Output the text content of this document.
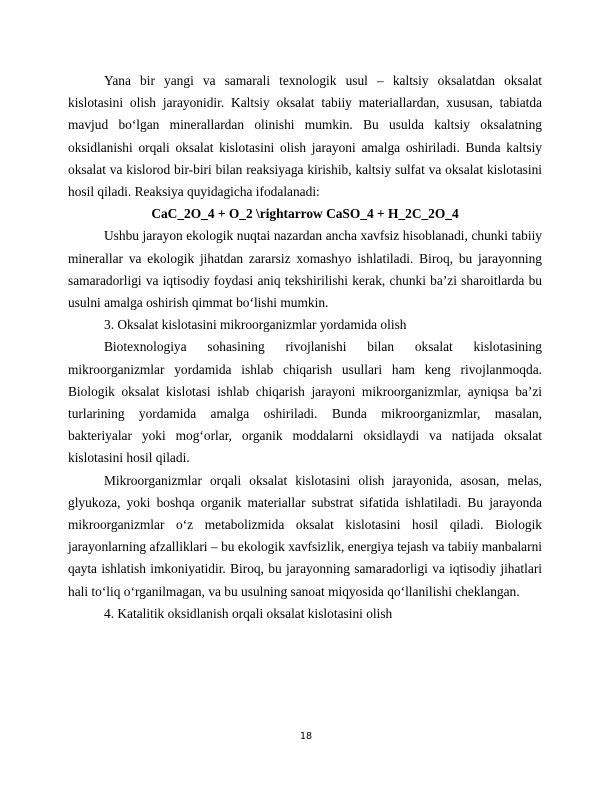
Yana bir yangi va samarali texnologik usul – kaltsiy oksalatdan oksalat kislotasini olish jarayonidir. Kaltsiy oksalat tabiiy materiallardan, xususan, tabiatda mavjud bo‘lgan minerallardan olinishi mumkin. Bu usulda kaltsiy oksalatning oksidlanishi orqali oksalat kislotasini olish jarayoni amalga oshiriladi. Bunda kaltsiy oksalat va kislorod bir-biri bilan reaksiyaga kirishib, kaltsiy sulfat va oksalat kislotasini hosil qiladi. Reaksiya quyidagicha ifodalanadi:

CaC_2O_4 + O_2 \rightarrow CaSO_4 + H_2C_2O_4

Ushbu jarayon ekologik nuqtai nazardan ancha xavfsiz hisoblanadi, chunki tabiiy minerallar va ekologik jihatdan zararsiz xomashyo ishlatiladi. Biroq, bu jarayonning samaradorligi va iqtisodiy foydasi aniq tekshirilishi kerak, chunki ba’zi sharoitlarda bu usulni amalga oshirish qimmat bo‘lishi mumkin.

3. Oksalat kislotasini mikroorganizmlar yordamida olish

Biotexnologiya sohasining rivojlanishi bilan oksalat kislotasining mikroorganizmlar yordamida ishlab chiqarish usullari ham keng rivojlanmoqda. Biologik oksalat kislotasi ishlab chiqarish jarayoni mikroorganizmlar, ayniqsa ba’zi turlarining yordamida amalga oshiriladi. Bunda mikroorganizmlar, masalan, bakteriyalar yoki mog‘orlar, organik moddalarni oksidlaydi va natijada oksalat kislotasini hosil qiladi.

Mikroorganizmlar orqali oksalat kislotasini olish jarayonida, asosan, melas, glyukoza, yoki boshqa organik materiallar substrat sifatida ishlatiladi. Bu jarayonda mikroorganizmlar o‘z metabolizmida oksalat kislotasini hosil qiladi. Biologik jarayonlarning afzalliklari – bu ekologik xavfsizlik, energiya tejash va tabiiy manbalarni qayta ishlatish imkoniyatidir. Biroq, bu jarayonning samaradorligi va iqtisodiy jihatlari hali to‘liq o‘rganilmagan, va bu usulning sanoat miqyosida qo‘llanilishi cheklangan.

4. Katalitik oksidlanish orqali oksalat kislotasini olish

18
